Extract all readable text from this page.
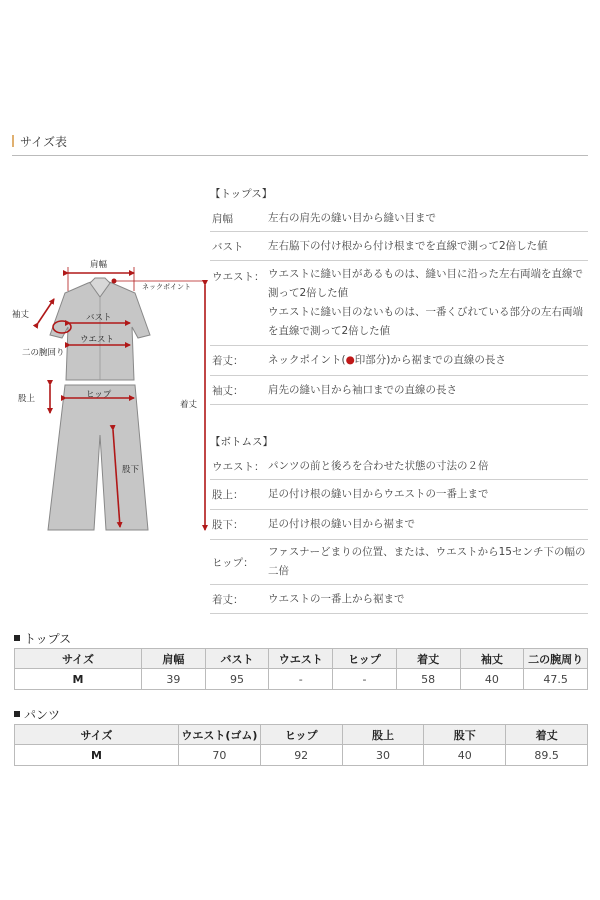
サイズ表
肩幅
ネックポイント
袖丈	バスト
ウエスト
二の腕回り
着丈
股上	ヒップ
股下
【トップス】
肩幅	左右の肩先の縫い目から縫い目まで
バスト	左右脇下の付け根から付け根までを直線で測って2倍した値
ウエスト： ウエストに縫い目があるものは、縫い目に沿った左右両端を直線で
測って2倍した値
ウエストに縫い目のないものは、一番くびれている部分の左右両端
を直線で測って2倍した値
着丈：	ネックポイント(●印部分)から裾までの直線の長さ
袖丈：	肩先の縫い目から袖口までの直線の長さ
【ボトムス】
ウエスト： パンツの前と後ろを合わせた状態の寸法の２倍
股上：	足の付け根の縫い目からウエストの一番上まで
股下：	足の付け根の縫い目から裾まで
ヒップ：
ファスナーどまりの位置、または、ウエストから15センチ下の幅の
二倍
着丈：	ウエストの一番上から裾まで
トップス
サイズ	肩幅	バスト	ウエスト	ヒップ	着丈	袖丈	二の腕周り
M	39	95	-	-	58	40	47.5
パンツ
サイズ	ウエスト(ゴム)	ヒップ	股上	股下	着丈
M	70	92	30	40	89.5
